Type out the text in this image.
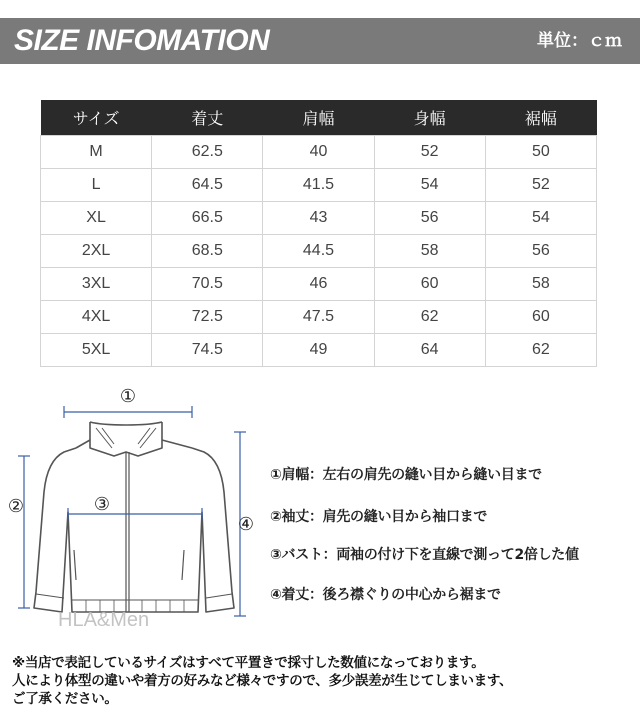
SIZE INFOMATION	単位：ｃｍ
サイズ	着丈	肩幅	身幅	裾幅
M	62.5	40	52	50
L	64.5	41.5	54	52
XL	66.5	43	56	54
2XL	68.5	44.5	58	56
3XL	70.5	46	60	58
4XL	72.5	47.5	62	60
5XL	74.5	49	64	62
①
②	③
④
HLA&Men
①肩幅：左右の肩先の縫い目から縫い目まで
②袖丈：肩先の縫い目から袖口まで
③バスト：両袖の付け下を直線で測って2倍した値
④着丈：後ろ襟ぐりの中心から裾まで
※当店で表記しているサイズはすべて平置きで採寸した数値になっております。
人により体型の違いや着方の好みなど様々ですので、多少誤差が生じてしまいます、
ご了承ください。
